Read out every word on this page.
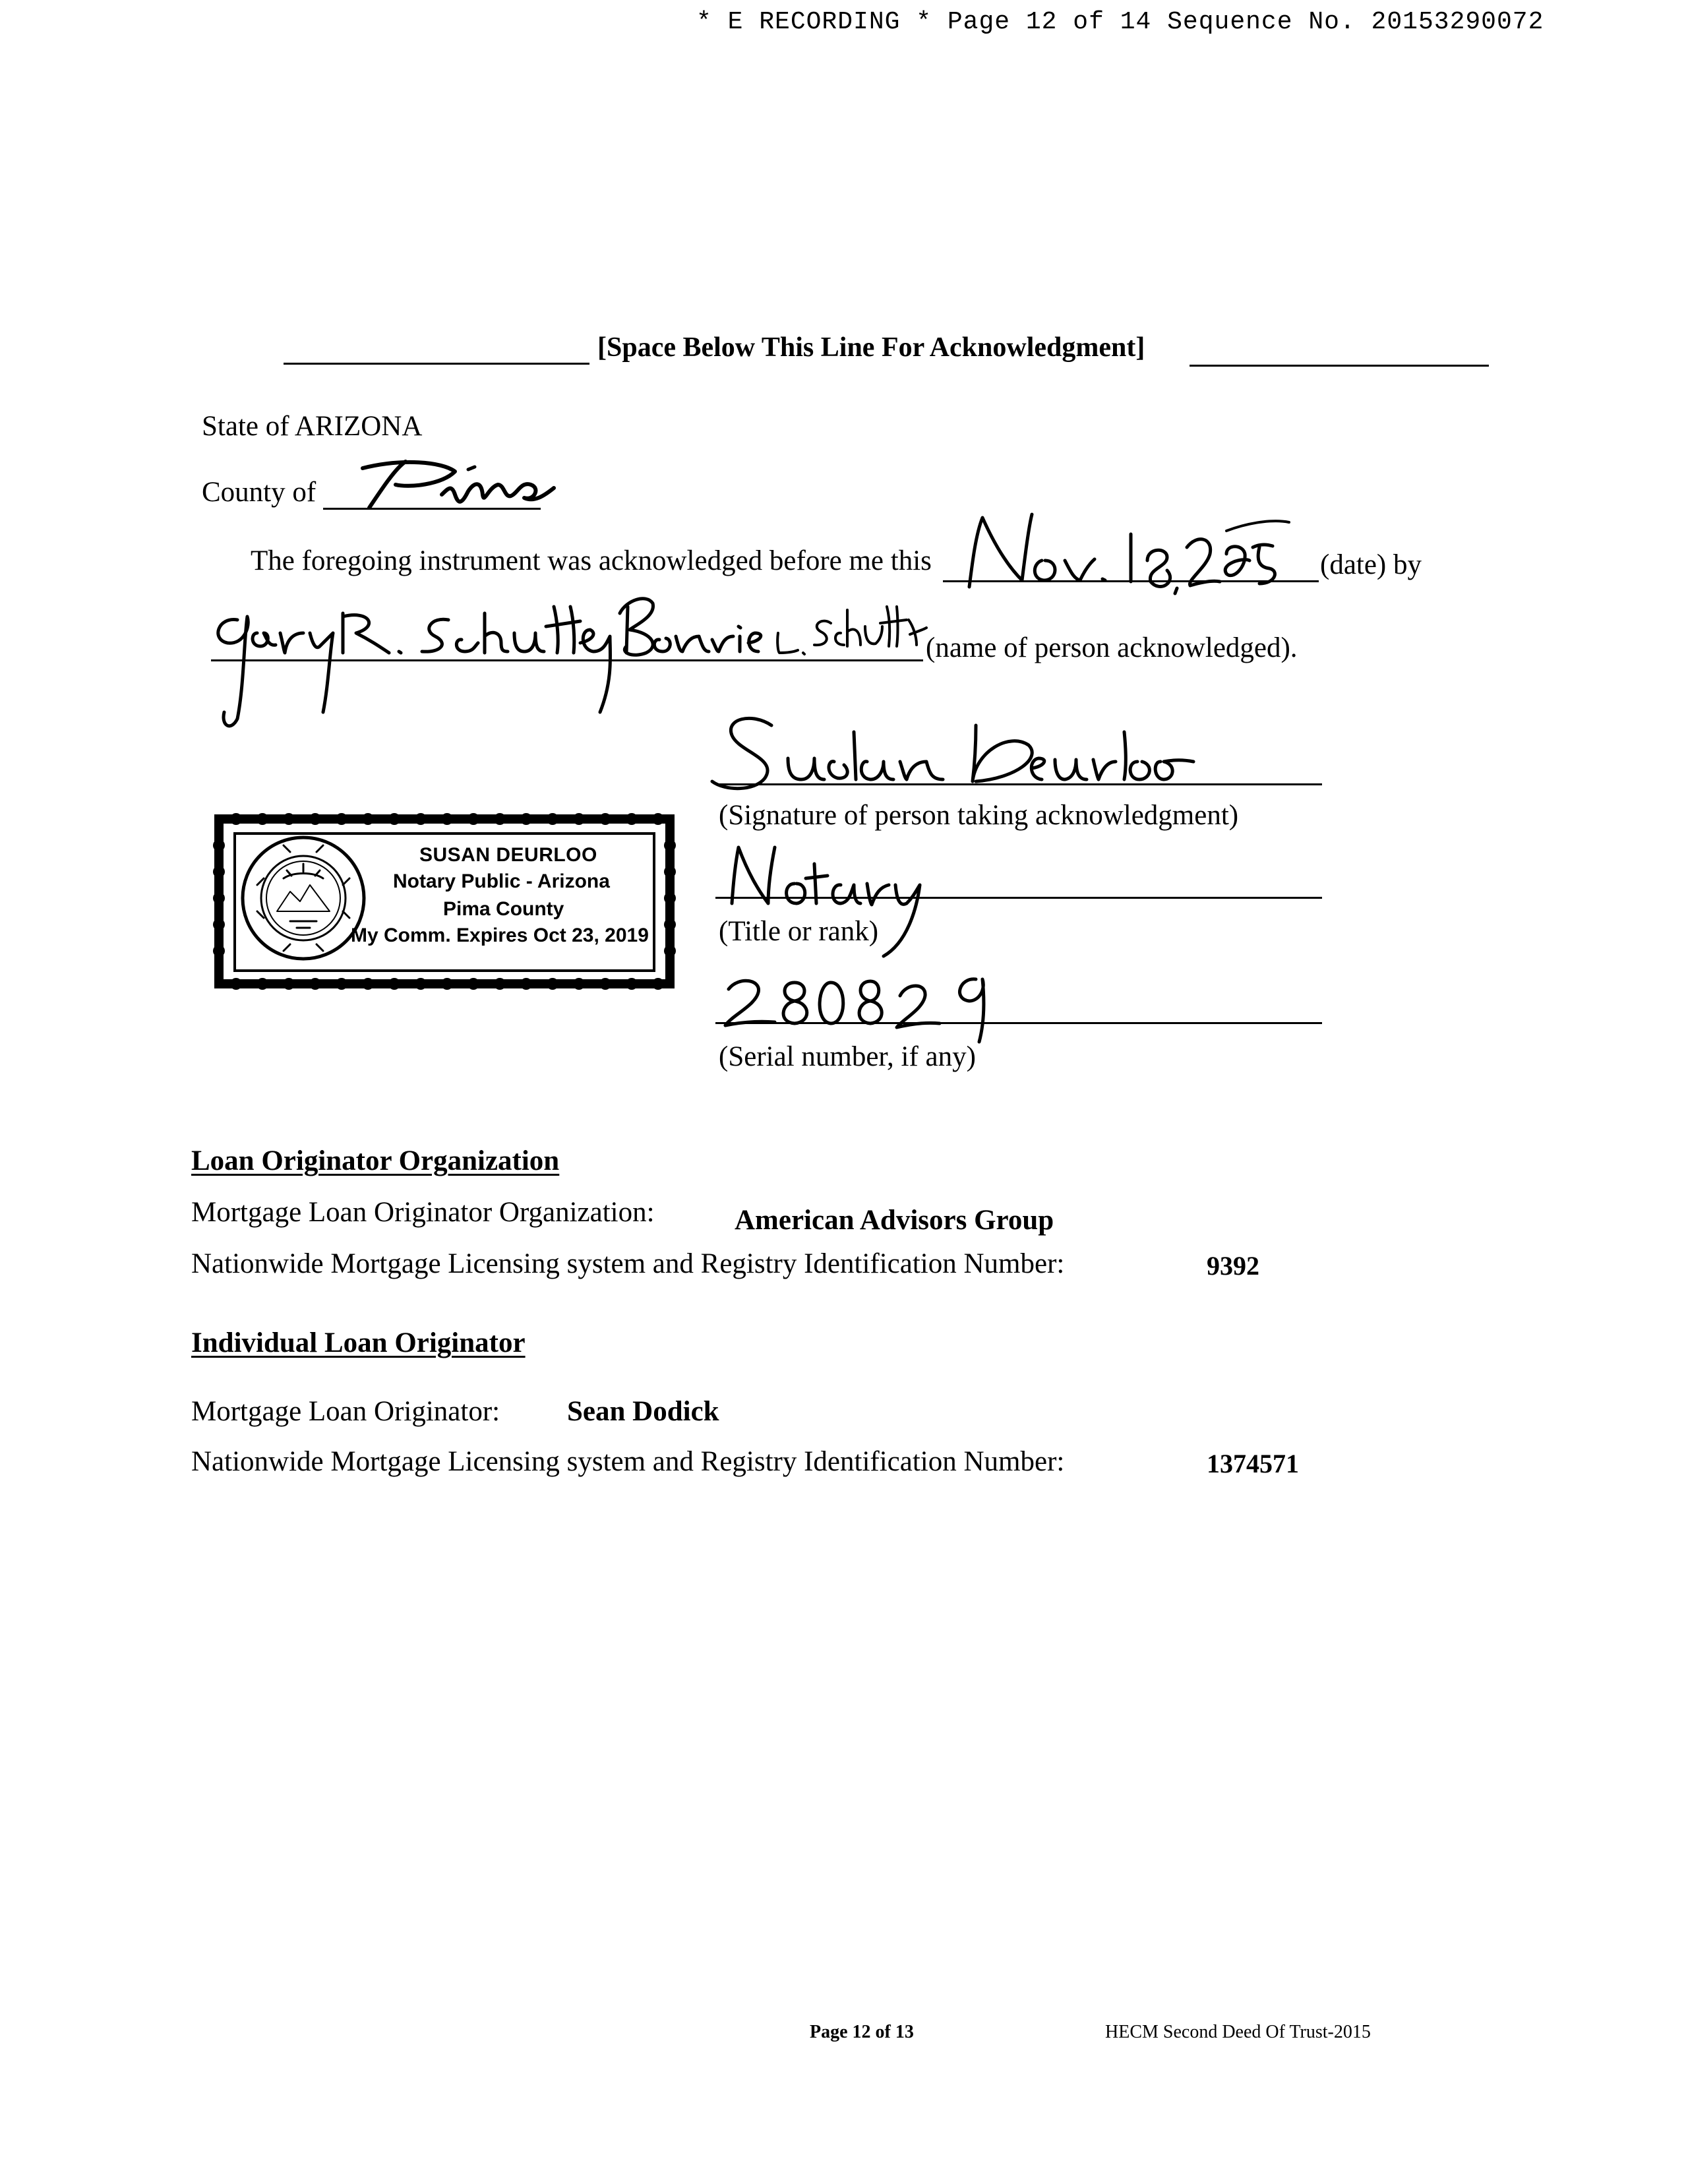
* E RECORDING * Page 12 of 14 Sequence No. 20153290072
[Space Below This Line For Acknowledgment]
State of ARIZONA
County of
The foregoing instrument was acknowledged before me this	(date) by
(name of person acknowledged).
(Signature of person taking acknowledgment)
(Title or rank)
(Serial number, if any)
SUSAN DEURLOO
Notary Public - Arizona
Pima County
My Comm. Expires Oct 23, 2019
Loan Originator Organization
Mortgage Loan Originator Organization:	American Advisors Group
Nationwide Mortgage Licensing system and Registry Identification Number:	9392
Individual Loan Originator
Mortgage Loan Originator: Sean Dodick
Nationwide Mortgage Licensing system and Registry Identification Number:	1374571
Page 12 of 13	HECM Second Deed Of Trust-2015
